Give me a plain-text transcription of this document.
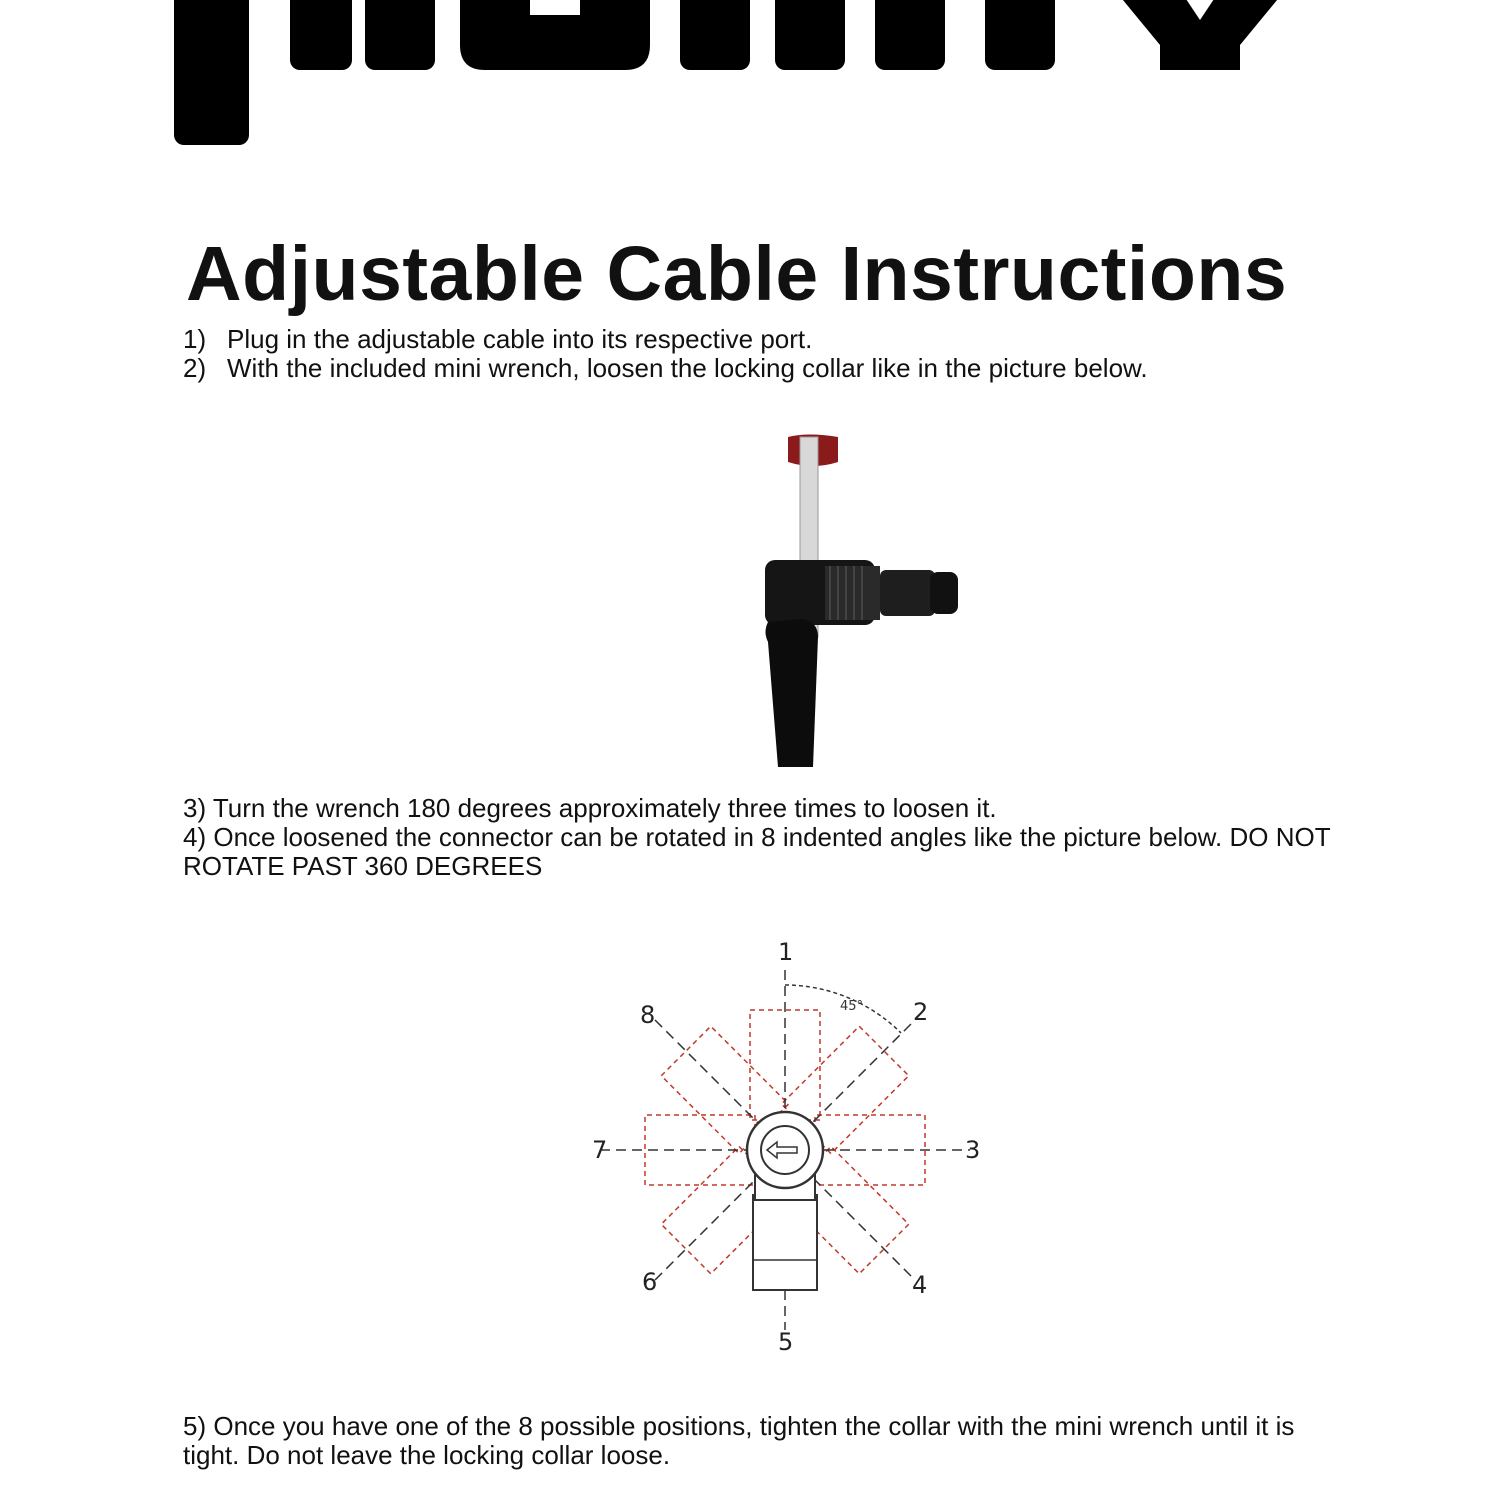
Adjustable Cable Instructions

1) Plug in the adjustable cable into its respective port.

2) With the included mini wrench, loosen the locking collar like in the picture below.

3) Turn the wrench 180 degrees approximately three times to loosen it.

4) Once loosened the connector can be rotated in 8 indented angles like the picture below. DO NOT ROTATE PAST 360 DEGREES

45°
1
2
3
4
5
6
7
8

5) Once you have one of the 8 possible positions, tighten the collar with the mini wrench until it is tight. Do not leave the locking collar loose.
